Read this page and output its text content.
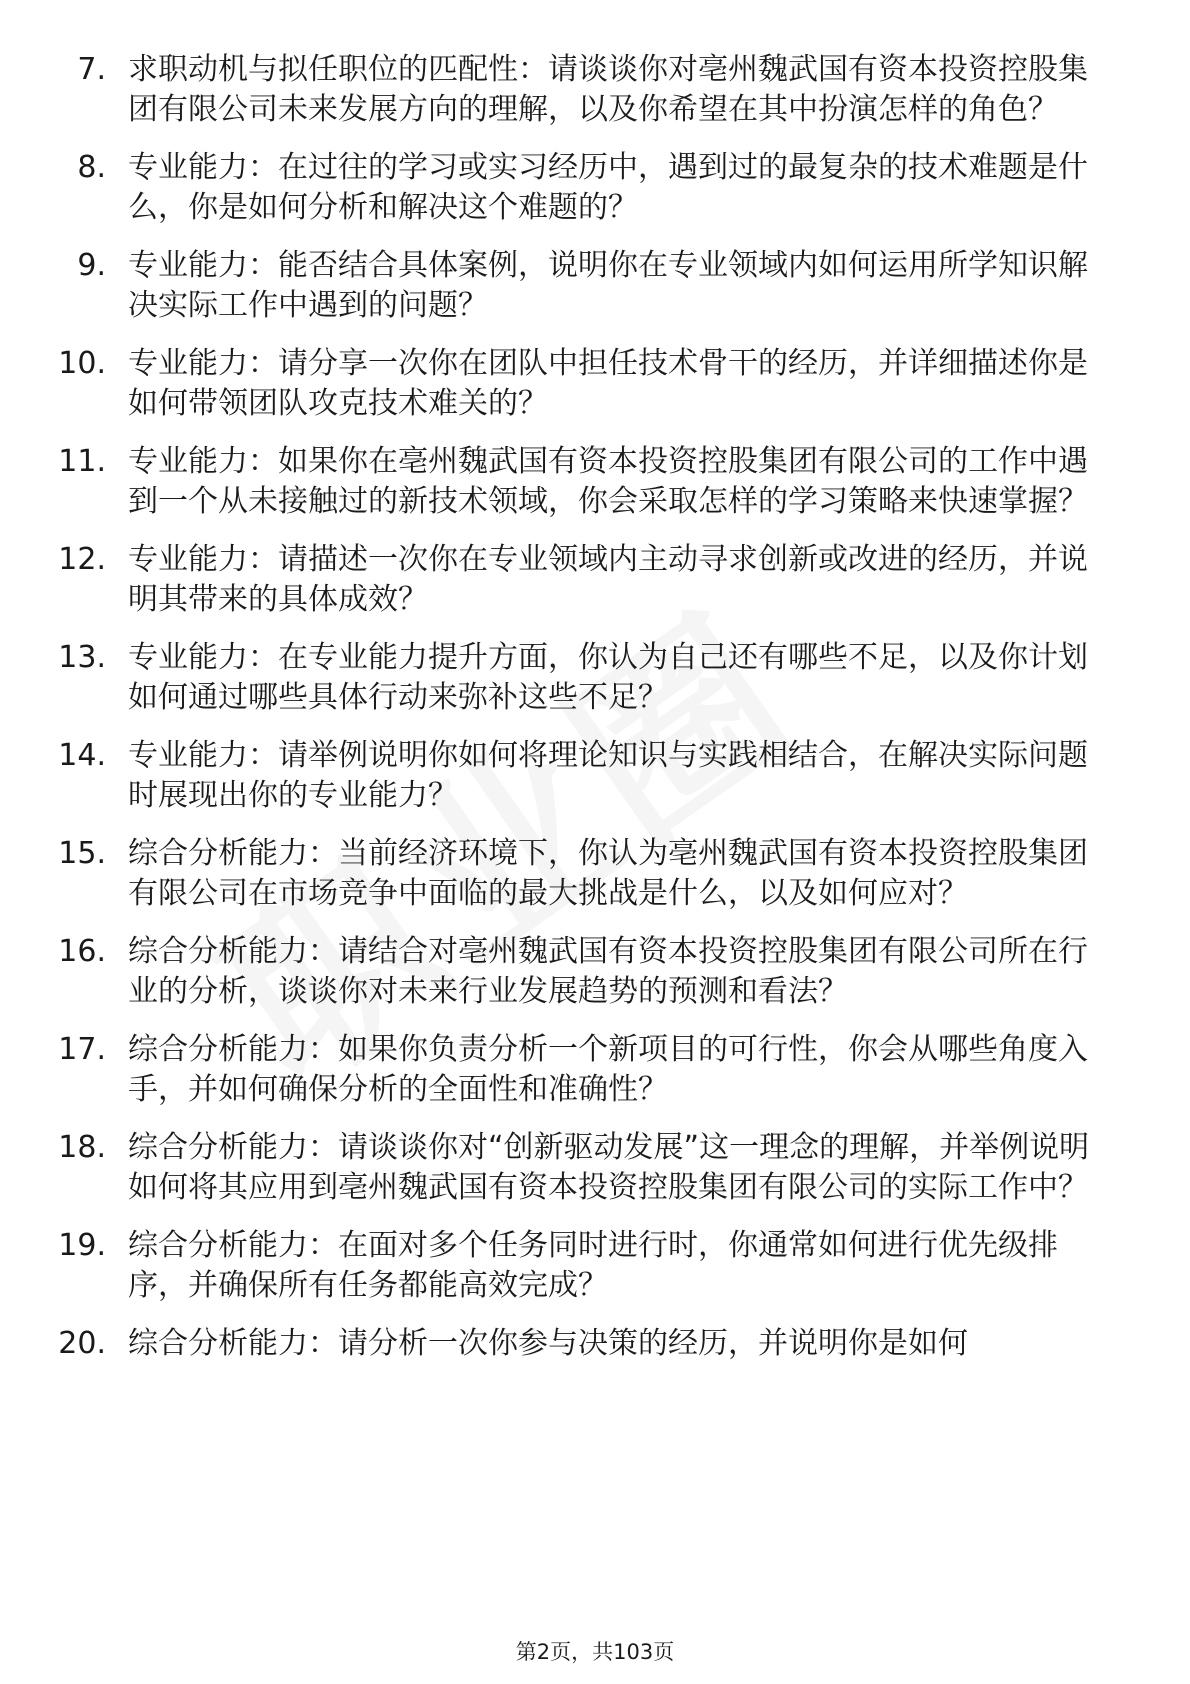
7. 求职动机与拟任职位的匹配性：请谈谈你对亳州魏武国有资本投资控股集团有限公司未来发展方向的理解，以及你希望在其中扮演怎样的角色？
8. 专业能力：在过往的学习或实习经历中，遇到过的最复杂的技术难题是什么，你是如何分析和解决这个难题的？
9. 专业能力：能否结合具体案例，说明你在专业领域内如何运用所学知识解决实际工作中遇到的问题？
10. 专业能力：请分享一次你在团队中担任技术骨干的经历，并详细描述你是如何带领团队攻克技术难关的？
11. 专业能力：如果你在亳州魏武国有资本投资控股集团有限公司的工作中遇到一个从未接触过的新技术领域，你会采取怎样的学习策略来快速掌握？
12. 专业能力：请描述一次你在专业领域内主动寻求创新或改进的经历，并说明其带来的具体成效？
13. 专业能力：在专业能力提升方面，你认为自己还有哪些不足，以及你计划如何通过哪些具体行动来弥补这些不足？
14. 专业能力：请举例说明你如何将理论知识与实践相结合，在解决实际问题时展现出你的专业能力？
15. 综合分析能力：当前经济环境下，你认为亳州魏武国有资本投资控股集团有限公司在市场竞争中面临的最大挑战是什么，以及如何应对？
16. 综合分析能力：请结合对亳州魏武国有资本投资控股集团有限公司所在行业的分析，谈谈你对未来行业发展趋势的预测和看法？
17. 综合分析能力：如果你负责分析一个新项目的可行性，你会从哪些角度入手，并如何确保分析的全面性和准确性？
18. 综合分析能力：请谈谈你对“创新驱动发展”这一理念的理解，并举例说明如何将其应用到亳州魏武国有资本投资控股集团有限公司的实际工作中？
19. 综合分析能力：在面对多个任务同时进行时，你通常如何进行优先级排序，并确保所有任务都能高效完成？
20. 综合分析能力：请分析一次你参与决策的经历，并说明你是如何
第2页，共103页
